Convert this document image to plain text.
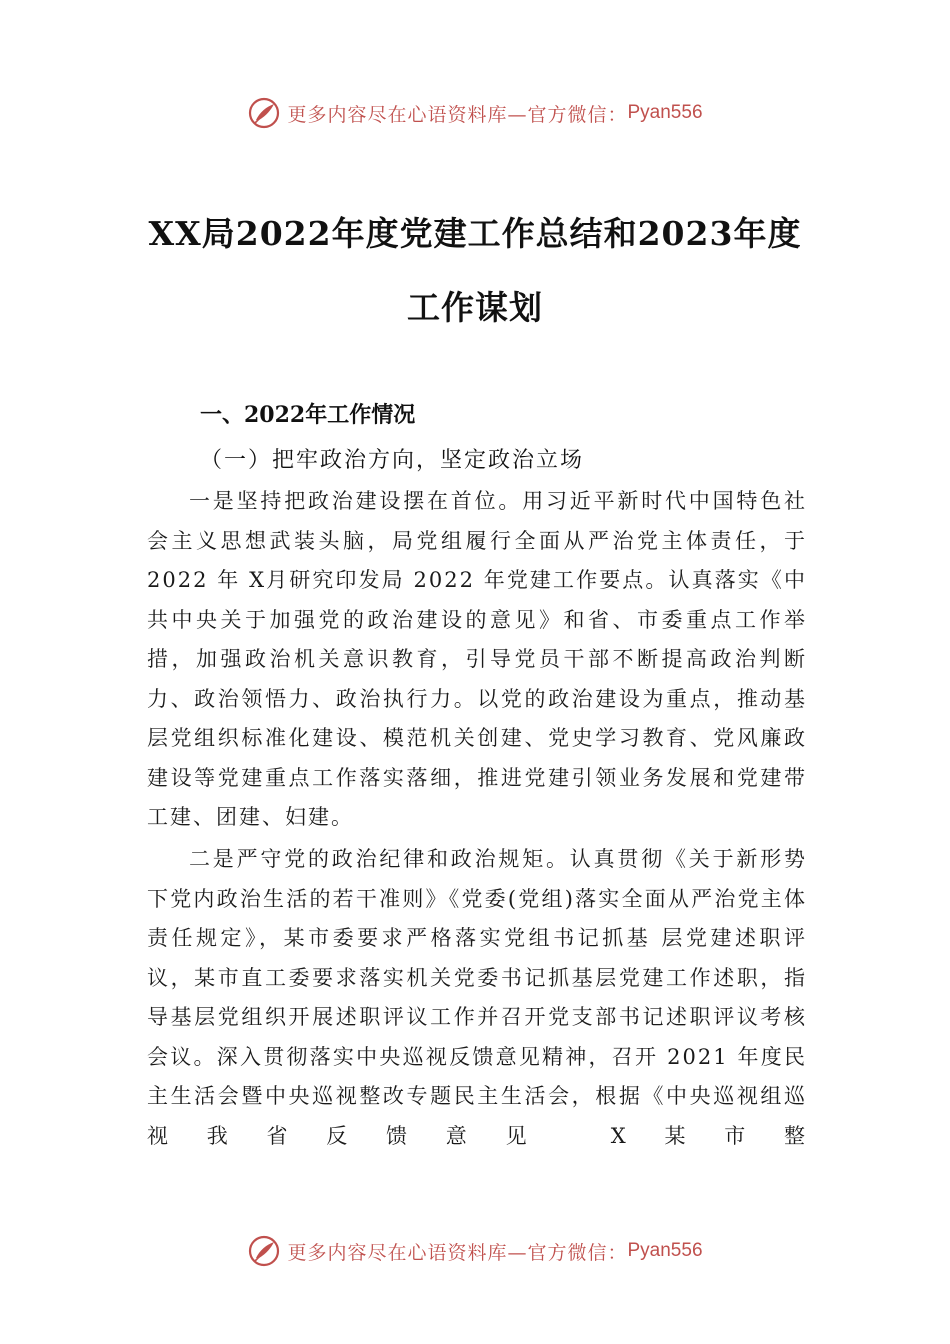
更多内容尽在心语资料库—官方微信： Pyan556
XX局2022年度党建工作总结和2023年度
工作谋划
一、2022年工作情况
（一）把牢政治方向，坚定政治立场

一是坚持把政治建设摆在首位。用习近平新时代中国特色社会主义思想武装头脑，局党组履行全面从严治党主体责任，于 2022 年 X月研究印发局 2022 年党建工作要点。认真落实《中共中央关于加强党的政治建设的意见》和省、市委重点工作举措，加强政治机关意识教育，引导党员干部不断提高政治判断力、政治领悟力、政治执行力。以党的政治建设为重点，推动基层党组织标准化建设、模范机关创建、党史学习教育、党风廉政建设等党建重点工作落实落细，推进党建引领业务发展和党建带工建、团建、妇建。

二是严守党的政治纪律和政治规矩。认真贯彻《关于新形势下党内政治生活的若干准则》《党委(党组)落实全面从严治党主体责任规定》，某市委要求严格落实党组书记抓基 层党建述职评议，某市直工委要求落实机关党委书记抓基层党建工作述职，指导基层党组织开展述职评议工作并召开党支部书记述职评议考核会议。深入贯彻落实中央巡视反馈意见精神，召开 2021 年度民主生活会暨中央巡视整改专题民主生活会，根据《中央巡视组巡视我省反馈意见 X某市整

更多内容尽在心语资料库—官方微信： Pyan556
